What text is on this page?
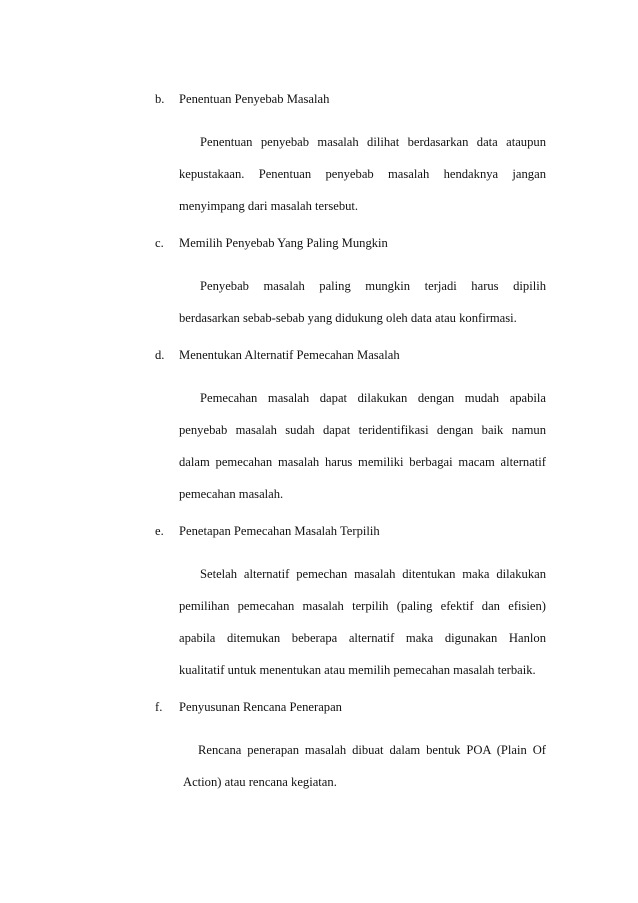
b. Penentuan Penyebab Masalah
Penentuan penyebab masalah dilihat berdasarkan data ataupun
kepustakaan. Penentuan penyebab masalah hendaknya jangan
menyimpang dari masalah tersebut.
c. Memilih Penyebab Yang Paling Mungkin
Penyebab masalah paling mungkin terjadi harus dipilih
berdasarkan sebab-sebab yang didukung oleh data atau konfirmasi.
d. Menentukan Alternatif Pemecahan Masalah
Pemecahan masalah dapat dilakukan dengan mudah apabila
penyebab masalah sudah dapat teridentifikasi dengan baik namun
dalam pemecahan masalah harus memiliki berbagai macam alternatif
pemecahan masalah.
e. Penetapan Pemecahan Masalah Terpilih
Setelah alternatif pemechan masalah ditentukan maka dilakukan
pemilihan pemecahan masalah terpilih (paling efektif dan efisien)
apabila ditemukan beberapa alternatif maka digunakan Hanlon
kualitatif untuk menentukan atau memilih pemecahan masalah terbaik.
f. Penyusunan Rencana Penerapan
Rencana penerapan masalah dibuat dalam bentuk POA (Plain Of
Action) atau rencana kegiatan.
